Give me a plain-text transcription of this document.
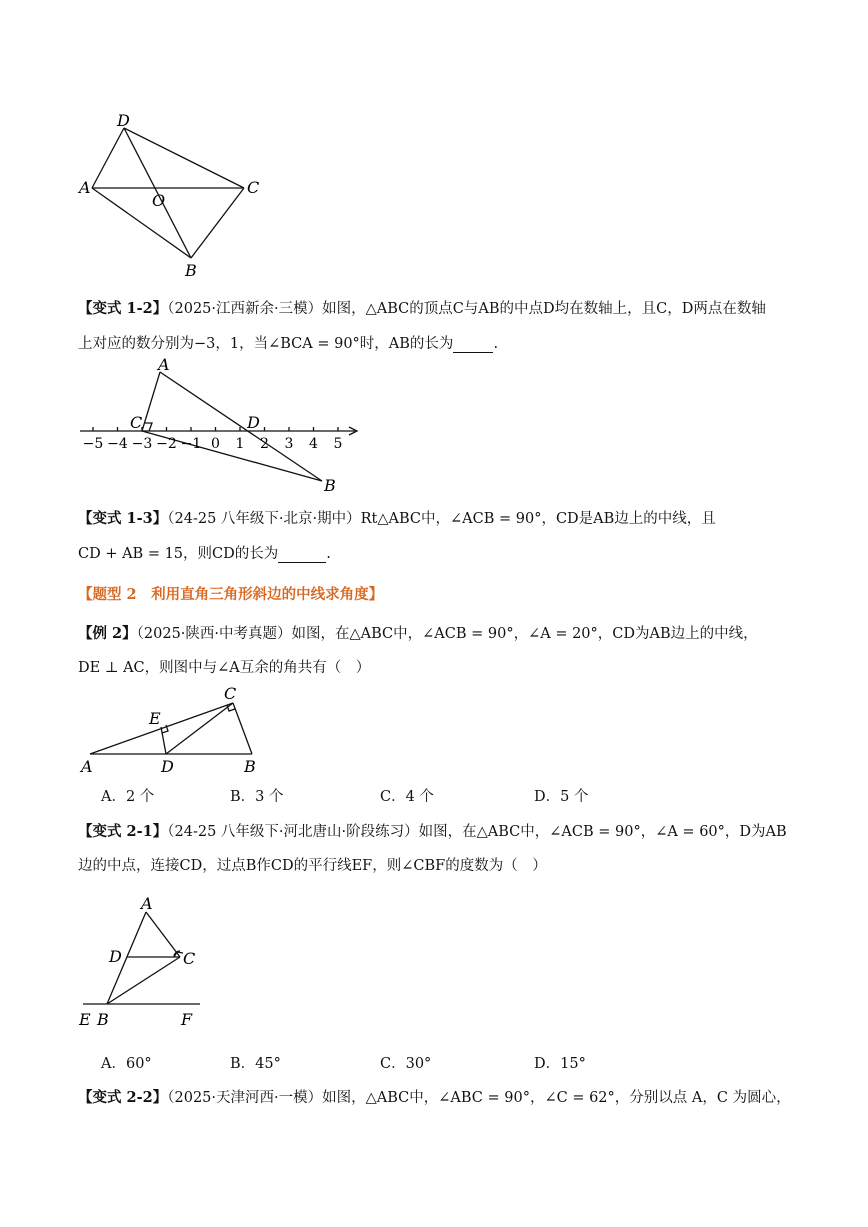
D
A
O
C
B
【变式 1-2】（2025·江西新余·三模）如图，△ABC的顶点C与AB的中点D均在数轴上，且C，D两点在数轴
上对应的数分别为−3，1，当∠BCA = 90°时，AB的长为	.
A
C	D
B
−5 −4 −3 −2 −1 0 1 2 3 4 5
【变式 1-3】（24-25 八年级下·北京·期中）Rt△ABC中，∠ACB = 90°，CD是AB边上的中线，且
CD + AB = 15，则CD的长为	.
【题型 2　利用直角三角形斜边的中线求角度】
【例 2】（2025·陕西·中考真题）如图，在△ABC中，∠ACB = 90°，∠A = 20°，CD为AB边上的中线，
DE ⊥ AC，则图中与∠A互余的角共有（　）
C
E
A	D	B
A．2 个	B．3 个	C．4 个	D．5 个
【变式 2-1】（24-25 八年级下·河北唐山·阶段练习）如图，在△ABC中，∠ACB = 90°，∠A = 60°，D为AB
边的中点，连接CD，过点B作CD的平行线EF，则∠CBF的度数为（　）
A
D	C
E B	F
A．60°	B．45°	C．30°	D．15°
【变式 2-2】（2025·天津河西·一模）如图，△ABC中，∠ABC = 90°，∠C = 62°，分别以点 A，C 为圆心，
